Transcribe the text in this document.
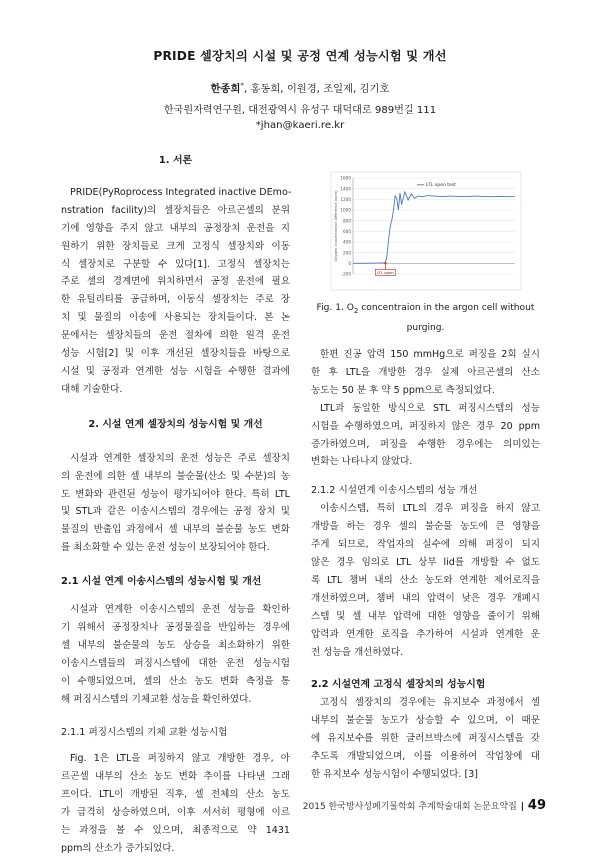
PRIDE 셀장치의 시설 및 공정 연계 성능시험 및 개선
한종희*, 홍동희, 이원경, 조일제, 김기호
한국원자력연구원, 대전광역시 유성구 대덕대로 989번길 111
*jhan@kaeri.re.kr
1. 서론
PRIDE(PyRoprocess Integrated inactive DEmo-
nstration facility)의 셀장치들은 아르곤셀의 분위
기에 영향을 주지 않고 내부의 공정장치 운전을 지
원하기 위한 장치들로 크게 고정식 셀장치와 이동
식 셀장치로 구분할 수 있다[1]. 고정식 셀장치는
주로 셀의 경계면에 위치하면서 공정 운전에 필요
한 유틸리티를 공급하며, 이동식 셀장치는 주로 장
치 및 물질의 이송에 사용되는 장치들이다. 본 논
문에서는 셀장치들의 운전 절차에 의한 원격 운전
성능 시험[2] 및 이후 개선된 셀장치들을 바탕으로
시설 및 공정과 연계한 성능 시험을 수행한 결과에
대해 기술한다.
2. 시설 연계 셀장치의 성능시험 및 개선
시설과 연계한 셀장치의 운전 성능은 주로 셀장치
의 운전에 의한 셀 내부의 불순물(산소 및 수분)의 농
도 변화와 관련된 성능이 평가되어야 한다. 특히 LTL
및 STL과 같은 이송시스템의 경우에는 공정 장치 및
물질의 반출입 과정에서 셀 내부의 불순물 농도 변화
를 최소화할 수 있는 운전 성능이 보장되어야 한다.
2.1 시설 연계 이송시스템의 성능시험 및 개선
시설과 연계한 이송시스템의 운전 성능을 확인하
기 위해서 공정장치나 공정물질을 반입하는 경우에
셀 내부의 불순물의 농도 상승을 최소화하기 위한
이송시스템들의 퍼징시스템에 대한 운전 성능시험
이 수행되었으며, 셀의 산소 농도 변화 측정을 통
해 퍼징시스템의 기체교환 성능을 확인하였다.
2.1.1 퍼징시스템의 기체 교환 성능시험
Fig. 1은 LTL을 퍼징하지 않고 개방한 경우, 아
르곤셀 내부의 산소 농도 변화 추이를 나타낸 그래
프이다. LTL이 개방된 직후, 셀 전체의 산소 농도
가 급격히 상승하였으며, 이후 서서히 평형에 이르
는 과정을 볼 수 있으며, 최종적으로 약 1431
ppm의 산소가 증가되었다.
한편 진공 압력 150 mmHg으로 퍼징을 2회 실시
한 후 LTL을 개방한 경우 실제 아르곤셀의 산소
농도는 50 분 후 약 5 ppm으로 측정되었다.
LTL과 동일한 방식으로 STL 퍼징시스템의 성능
시험을 수행하였으며, 퍼징하지 않은 경우 20 ppm
증가하였으며, 퍼징을 수행한 경우에는 의미있는
변화는 나타나지 않았다.
2.1.2 시설연계 이송시스템의 성능 개선
이송시스템, 특히 LTL의 경우 퍼징을 하지 않고
개방을 하는 경우 셀의 불순물 농도에 큰 영향을
주게 되므로, 작업자의 실수에 의해 퍼징이 되지
않은 경우 임의로 LTL 상부 lid를 개방할 수 없도
록 LTL 챔버 내의 산소 농도와 연계한 제어로직을
개선하였으며, 챔버 내의 압력이 낮은 경우 개폐시
스템 및 셀 내부 압력에 대한 영향을 줄이기 위해
압력과 연계한 로직을 추가하여 시설과 연계한 운
전 성능을 개선하였다.
2.2 시설연계 고정식 셀장치의 성능시험
고정식 셀장치의 경우에는 유지보수 과정에서 셀
내부의 불순물 농도가 상승할 수 있으며, 이 때문
에 유지보수를 위한 글러브박스에 퍼징시스템을 갖
추도록 개발되었으며, 이를 이용하여 작업창에 대
한 유지보수 성능시험이 수행되었다. [3]
1600
1400
1200
1000
800
600
400
200
0
-200
Oxygen concentration difference (ppm)
LTL open test
LTL open
Fig. 1. $O_2$ concentraion in the argon cell without
purging.
2015 한국방사성폐기물학회 추계학술대회 논문요약집 | 49
